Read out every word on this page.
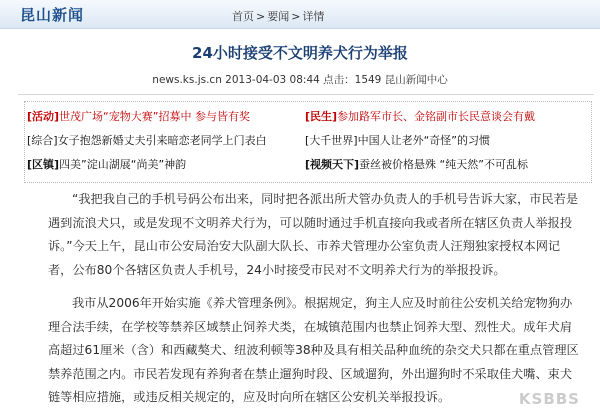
昆山新闻	首页 > 要闻 > 详情
24小时接受不文明养犬行为举报
news.ks.js.cn 2013-04-03 08:44 点击：1549 昆山新闻中心
[活动]世茂广场“宠物大赛”招募中 参与皆有奖	[民生]参加路军市长、金铭副市长民意谈会有戴
[综合]女子抱怨新婚丈夫引来暗恋老同学上门表白	[大千世界]中国人让老外“奇怪”的习惯
[区镇]四美”淀山湖展“尚美”神韵	[视频天下]蚕丝被价格悬殊 “纯天然”不可乱标

“我把我自己的手机号码公布出来，同时把各派出所犬管办负责人的手机号告诉大家，市民若是遇到流浪犬只，或是发现不文明养犬行为，可以随时通过手机直接向我或者所在辖区负责人举报投诉。”今天上午，昆山市公安局治安大队副大队长、市养犬管理办公室负责人汪翔独家授权本网记者，公布80个各辖区负责人手机号，24小时接受市民对不文明养犬行为的举报投诉。

我市从2006年开始实施《养犬管理条例》。根据规定，狗主人应及时前往公安机关给宠物狗办理合法手续，在学校等禁养区域禁止饲养犬类，在城镇范围内也禁止饲养大型、烈性犬。成年犬肩高超过61厘米（含）和西藏獒犬、纽波利顿等38种及具有相关品种血统的杂交犬只都在重点管理区禁养范围之内。市民若发现有养狗者在禁止遛狗时段、区域遛狗，外出遛狗时不采取佳犬嘴、束犬链等相应措施，或违反相关规定的，应及时向所在辖区公安机关举报投诉。	KSBBS
